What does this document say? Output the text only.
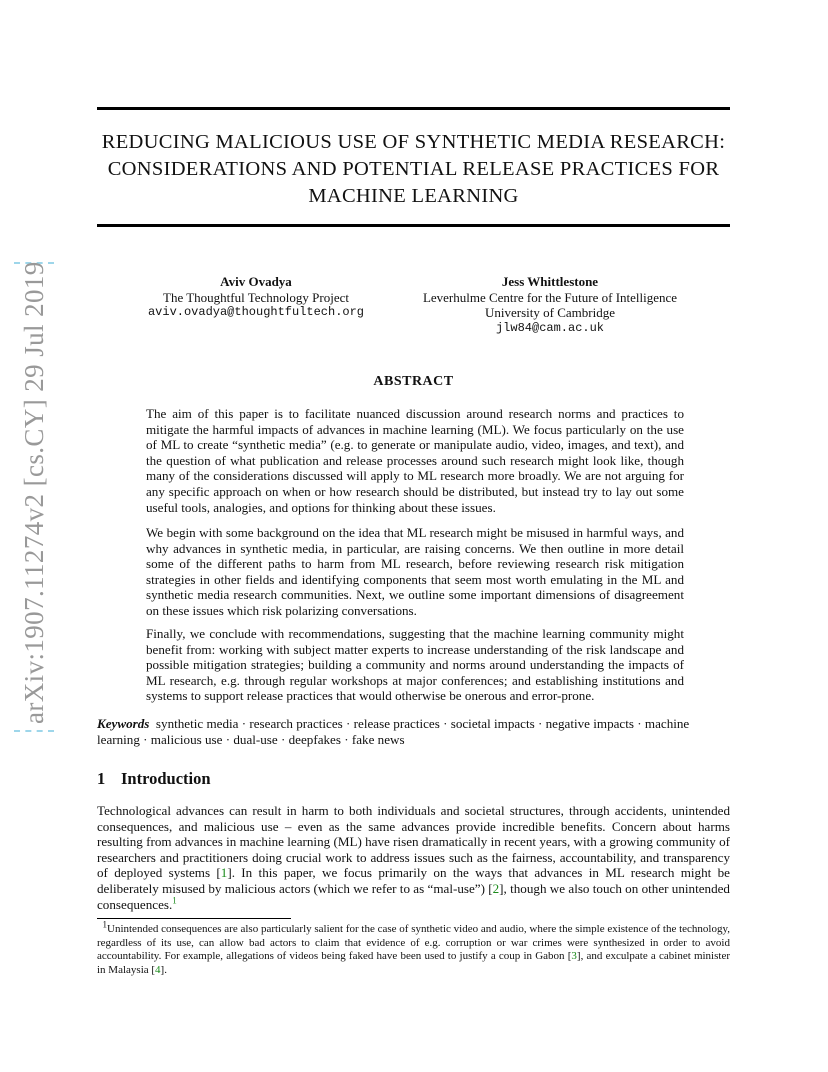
arXiv:1907.11274v2 [cs.CY] 29 Jul 2019
REDUCING MALICIOUS USE OF SYNTHETIC MEDIA RESEARCH:
CONSIDERATIONS AND POTENTIAL RELEASE PRACTICES FOR
MACHINE LEARNING
Aviv Ovadya
The Thoughtful Technology Project
aviv.ovadya@thoughtfultech.org
Jess Whittlestone
Leverhulme Centre for the Future of Intelligence
University of Cambridge
jlw84@cam.ac.uk
ABSTRACT

The aim of this paper is to facilitate nuanced discussion around research norms and practices to mitigate the harmful impacts of advances in machine learning (ML). We focus particularly on the use of ML to create “synthetic media” (e.g. to generate or manipulate audio, video, images, and text), and the question of what publication and release processes around such research might look like, though many of the considerations discussed will apply to ML research more broadly. We are not arguing for any specific approach on when or how research should be distributed, but instead try to lay out some useful tools, analogies, and options for thinking about these issues.

We begin with some background on the idea that ML research might be misused in harmful ways, and why advances in synthetic media, in particular, are raising concerns. We then outline in more detail some of the different paths to harm from ML research, before reviewing research risk mitigation strategies in other fields and identifying components that seem most worth emulating in the ML and synthetic media research communities. Next, we outline some important dimensions of disagreement on these issues which risk polarizing conversations.

Finally, we conclude with recommendations, suggesting that the machine learning community might benefit from: working with subject matter experts to increase understanding of the risk landscape and possible mitigation strategies; building a community and norms around understanding the impacts of ML research, e.g. through regular workshops at major conferences; and establishing institutions and systems to support release practices that would otherwise be onerous and error-prone.

Keywords synthetic media · research practices · release practices · societal impacts · negative impacts · machine learning · malicious use · dual-use · deepfakes · fake news

1 Introduction

Technological advances can result in harm to both individuals and societal structures, through accidents, unintended consequences, and malicious use – even as the same advances provide incredible benefits. Concern about harms resulting from advances in machine learning (ML) have risen dramatically in recent years, with a growing community of researchers and practitioners doing crucial work to address issues such as the fairness, accountability, and transparency of deployed systems [1]. In this paper, we focus primarily on the ways that advances in ML research might be deliberately misused by malicious actors (which we refer to as “mal-use”) [2], though we also touch on other unintended consequences.$^1$

$^1$Unintended consequences are also particularly salient for the case of synthetic video and audio, where the simple existence of the technology, regardless of its use, can allow bad actors to claim that evidence of e.g. corruption or war crimes were synthesized in order to avoid accountability. For example, allegations of videos being faked have been used to justify a coup in Gabon [3], and exculpate a cabinet minister in Malaysia [4].
